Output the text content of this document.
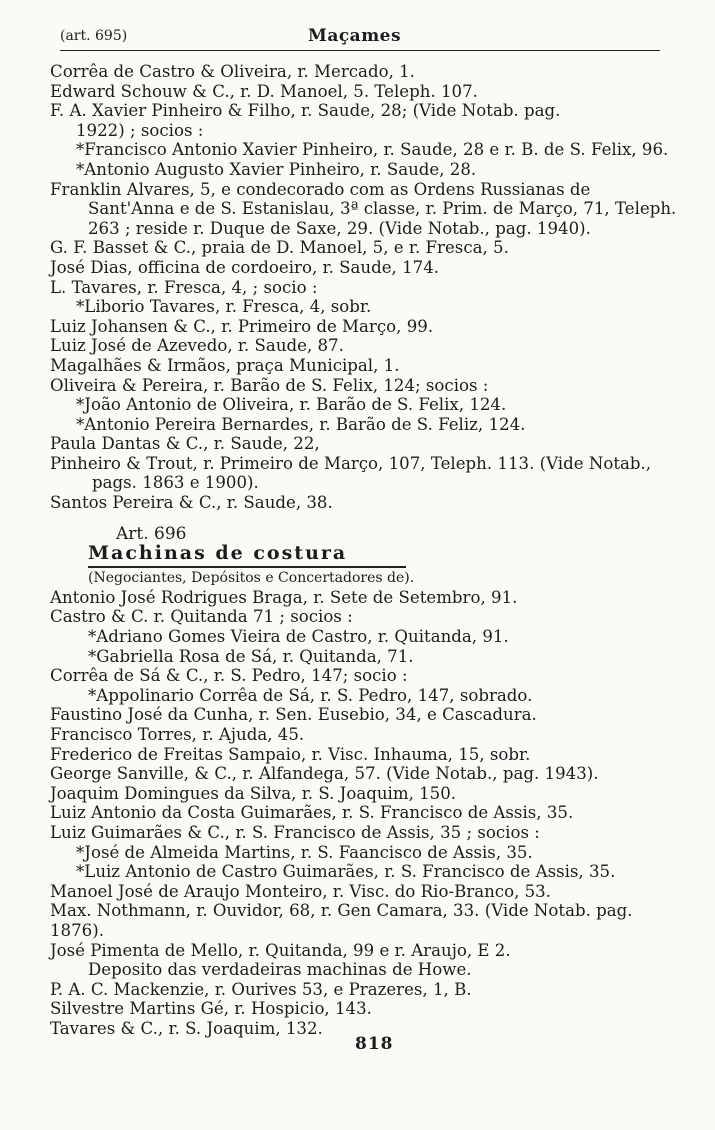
(art. 695)	Maçames
Corrêa de Castro & Oliveira, r. Mercado, 1.
Edward Schouw & C., r. D. Manoel, 5. Teleph. 107.
F. A. Xavier Pinheiro & Filho, r. Saude, 28; (Vide Notab. pag.
1922) ; socios :
*Francisco Antonio Xavier Pinheiro, r. Saude, 28 e r. B. de S. Felix, 96.
*Antonio Augusto Xavier Pinheiro, r. Saude, 28.
Franklin Alvares, 5, e condecorado com as Ordens Russianas de
Sant'Anna e de S. Estanislau, 3ª classe, r. Prim. de Março, 71, Teleph.
263 ; reside r. Duque de Saxe, 29. (Vide Notab., pag. 1940).
G. F. Basset & C., praia de D. Manoel, 5, e r. Fresca, 5.
José Dias, officina de cordoeiro, r. Saude, 174.
L. Tavares, r. Fresca, 4, ; socio :
*Liborio Tavares, r. Fresca, 4, sobr.
Luiz Johansen & C., r. Primeiro de Março, 99.
Luiz José de Azevedo, r. Saude, 87.
Magalhães & Irmãos, praça Municipal, 1.
Oliveira & Pereira, r. Barão de S. Felix, 124; socios :
*João Antonio de Oliveira, r. Barão de S. Felix, 124.
*Antonio Pereira Bernardes, r. Barão de S. Feliz, 124.
Paula Dantas & C., r. Saude, 22,
Pinheiro & Trout, r. Primeiro de Março, 107, Teleph. 113. (Vide Notab.,
pags. 1863 e 1900).
Santos Pereira & C., r. Saude, 38.
Art. 696
Machinas de costura
(Negociantes, Depósitos e Concertadores de).
Antonio José Rodrigues Braga, r. Sete de Setembro, 91.
Castro & C. r. Quitanda 71 ; socios :
*Adriano Gomes Vieira de Castro, r. Quitanda, 91.
*Gabriella Rosa de Sá, r. Quitanda, 71.
Corrêa de Sá & C., r. S. Pedro, 147; socio :
*Appolinario Corrêa de Sá, r. S. Pedro, 147, sobrado.
Faustino José da Cunha, r. Sen. Eusebio, 34, e Cascadura.
Francisco Torres, r. Ajuda, 45.
Frederico de Freitas Sampaio, r. Visc. Inhauma, 15, sobr.
George Sanville, & C., r. Alfandega, 57. (Vide Notab., pag. 1943).
Joaquim Domingues da Silva, r. S. Joaquim, 150.
Luiz Antonio da Costa Guimarães, r. S. Francisco de Assis, 35.
Luiz Guimarães & C., r. S. Francisco de Assis, 35 ; socios :
*José de Almeida Martins, r. S. Faancisco de Assis, 35.
*Luiz Antonio de Castro Guimarães, r. S. Francisco de Assis, 35.
Manoel José de Araujo Monteiro, r. Visc. do Rio-Branco, 53.
Max. Nothmann, r. Ouvidor, 68, r. Gen Camara, 33. (Vide Notab. pag. 1876).
José Pimenta de Mello, r. Quitanda, 99 e r. Araujo, E 2.
Deposito das verdadeiras machinas de Howe.
P. A. C. Mackenzie, r. Ourives 53, e Prazeres, 1, B.
Silvestre Martins Gé, r. Hospicio, 143.
Tavares & C., r. S. Joaquim, 132.
818
